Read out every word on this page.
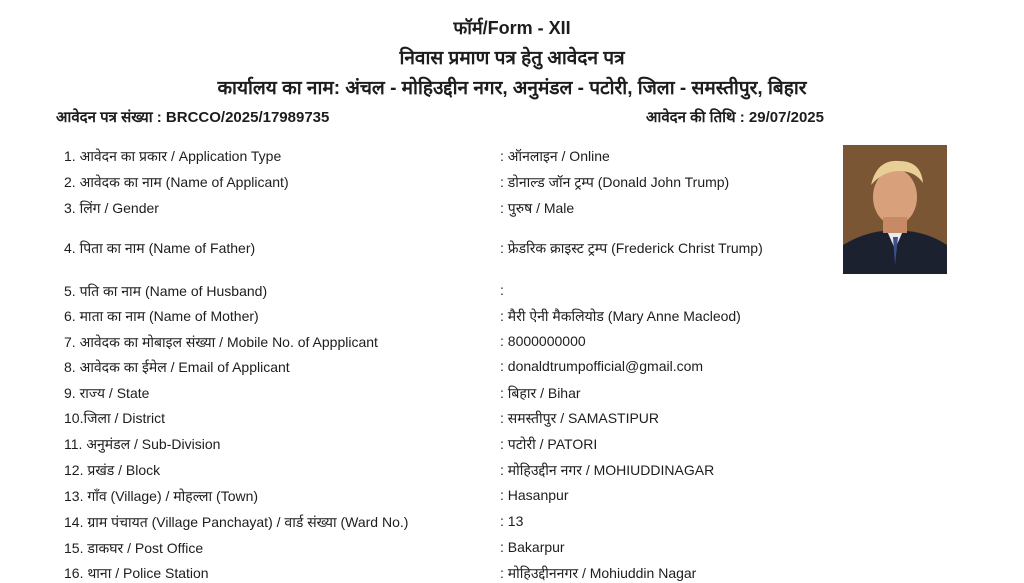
फॉर्म/Form - XII
निवास प्रमाण पत्र हेतु आवेदन पत्र
कार्यालय का नाम: अंचल - मोहिउद्दीन नगर, अनुमंडल - पटोरी, जिला - समस्तीपुर, बिहार
आवेदन पत्र संख्या : BRCCO/2025/17989735	आवेदन की तिथि : 29/07/2025
1. आवेदन का प्रकार / Application Type	: ऑनलाइन / Online
2. आवेदक का नाम (Name of Applicant)	: डोनाल्ड जॉन ट्रम्प (Donald John Trump)
3. लिंग / Gender	: पुरुष / Male
4. पिता का नाम (Name of Father)	: फ्रेडरिक क्राइस्ट ट्रम्प (Frederick Christ Trump)
5. पति का नाम (Name of Husband)	:
6. माता का नाम (Name of Mother)	: मैरी ऐनी मैकलियोड (Mary Anne Macleod)
7. आवेदक का मोबाइल संख्या / Mobile No. of Appplicant	: 8000000000
8. आवेदक का ईमेल / Email of Applicant	: donaldtrumpofficial@gmail.com
9. राज्य / State	: बिहार / Bihar
10.जिला / District	: समस्तीपुर / SAMASTIPUR
11. अनुमंडल / Sub-Division	: पटोरी / PATORI
12. प्रखंड / Block	: मोहिउद्दीन नगर / MOHIUDDINAGAR
13. गाँव (Village) / मोहल्ला (Town)	: Hasanpur
14. ग्राम पंचायत (Village Panchayat) / वार्ड संख्या (Ward No.)	: 13
15. डाकघर / Post Office	: Bakarpur
16. थाना / Police Station	: मोहिउद्दीननगर / Mohiuddin Nagar
